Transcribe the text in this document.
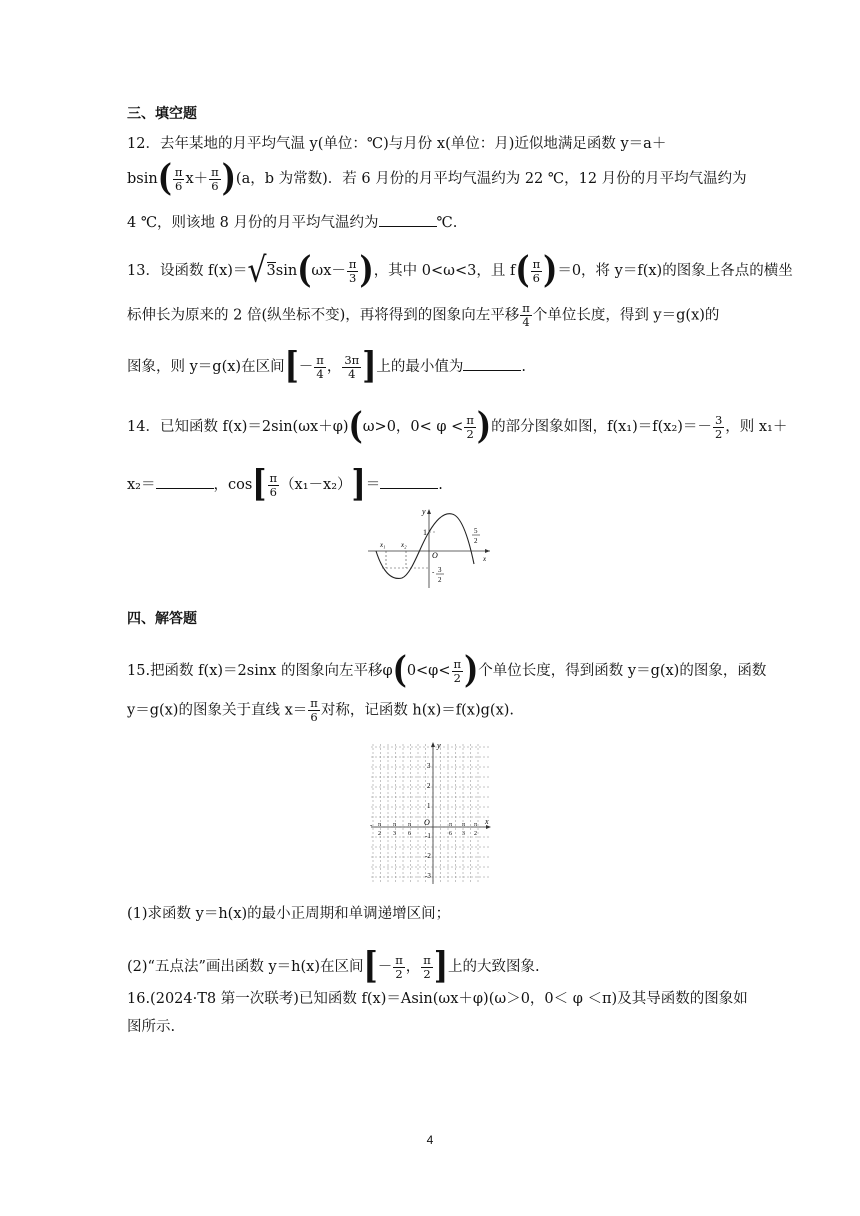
三、填空题
12．去年某地的月平均气温 y(单位：℃)与月份 x(单位：月)近似地满足函数 y＝a＋
$bsin( \frac{\pi}{6} x+ \frac{\pi}{6} )(a$，b 为常数)．若 6 月份的月平均气温约为 22 ℃，12 月份的月平均气温约为
4 ℃，则该地 8 月份的月平均气温约为	℃.
13．设函数 $f(x)=√3\sin(\omega x- \frac{\pi}{3}$ )，其中 0<ω<3，且 $f( \frac{\pi}{6} )=0$，将 y＝f(x)的图象上各点的横坐
标伸长为原来的 2 倍(纵坐标不变)，再将得到的图象向左平移 $\frac{\pi}{4}$ 个单位长度，得到 y＝g(x)的
图象，则 y＝g(x)在区间[－ $\frac{\pi}{4}$ ， $\frac{3\pi}{4}$ ]上的最小值为	.
14．已知函数 f(x)＝2sin(ωx＋φ)(ω>0，$0< \varphi < \frac{\pi}{2}$ )的部分图象如图，$f(x_1)=f(x_2)=- \frac{3}{2}$ ，则 x₁＋
x₂＝	，$\cos[ \frac{\pi}{6} (x_1-x_2)]=$	.
y
1
x₁ x₂
O
5
2
x
- 3
2
四、解答题
15.把函数 f(x)＝2sinx 的图象向左平移$\varphi(0<\varphi< \frac{\pi}{2}$ )个单位长度，得到函数 y＝g(x)的图象，函数
y＝g(x)的图象关于直线 $x= \frac{\pi}{6}$ 对称，记函数 h(x)＝f(x)g(x).
y
x
O
3
2
1
-1
-2
-3
- π
2
π
3
π
6
π
6
π
3
π
2
(1)求函数 y＝h(x)的最小正周期和单调递增区间；
(2)“五点法”画出函数 y＝h(x)在区间[－ $\frac{\pi}{2}$ ， $\frac{\pi}{2}$ ]上的大致图象.
16.(2024·T8 第一次联考)已知函数 f(x)＝Asin(ωx＋φ)(ω＞0，0＜ φ ＜π)及其导函数的图象如
图所示.
4
